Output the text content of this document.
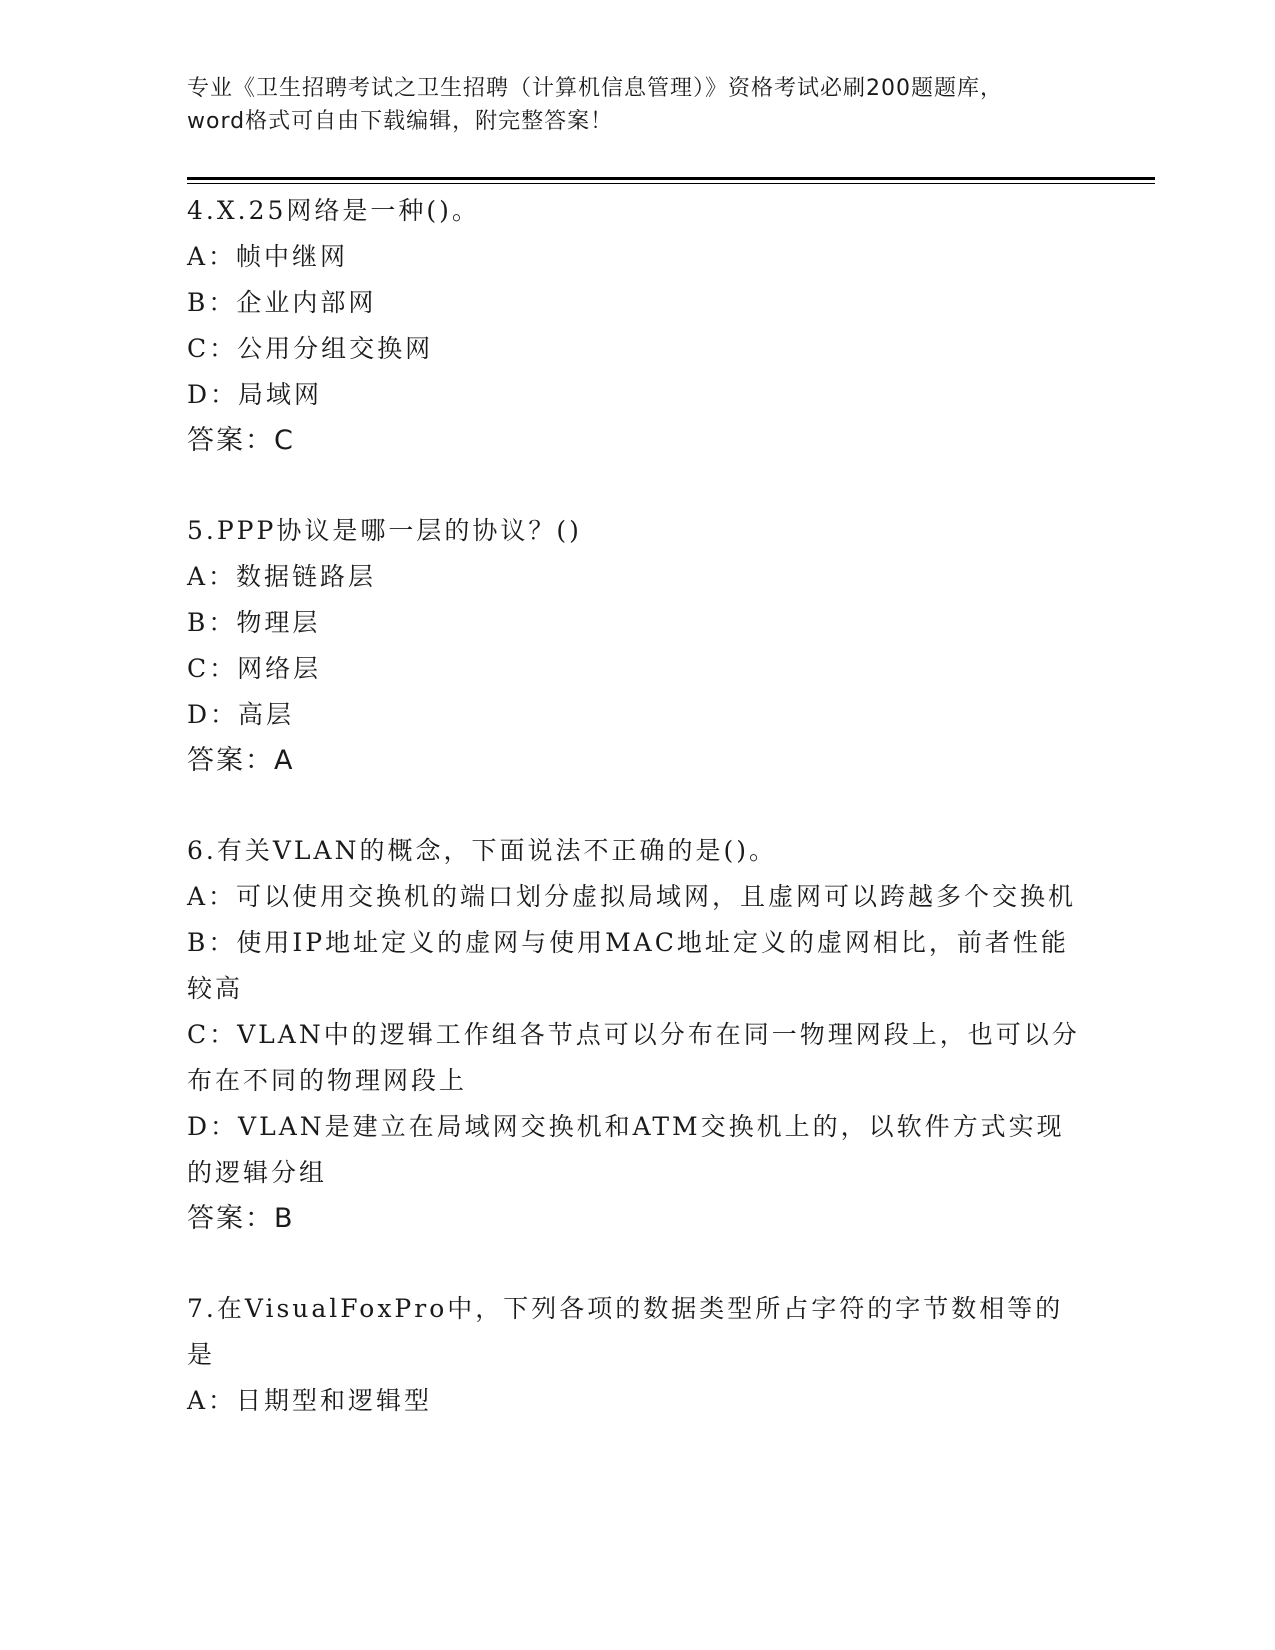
专业《卫生招聘考试之卫生招聘（计算机信息管理）》资格考试必刷200题题库，
word格式可自由下载编辑，附完整答案！
4.X.25网络是一种()。
A：帧中继网
B：企业内部网
C：公用分组交换网
D：局域网
答案：C
5.PPP协议是哪一层的协议？()
A：数据链路层
B：物理层
C：网络层
D：高层
答案：A
6.有关VLAN的概念，下面说法不正确的是()。
A：可以使用交换机的端口划分虚拟局域网，且虚网可以跨越多个交换机
B：使用IP地址定义的虚网与使用MAC地址定义的虚网相比，前者性能较高
C：VLAN中的逻辑工作组各节点可以分布在同一物理网段上，也可以分布在不同的物理网段上
D：VLAN是建立在局域网交换机和ATM交换机上的，以软件方式实现的逻辑分组
答案：B
7.在VisualFoxPro中，下列各项的数据类型所占字符的字节数相等的是
A：日期型和逻辑型
